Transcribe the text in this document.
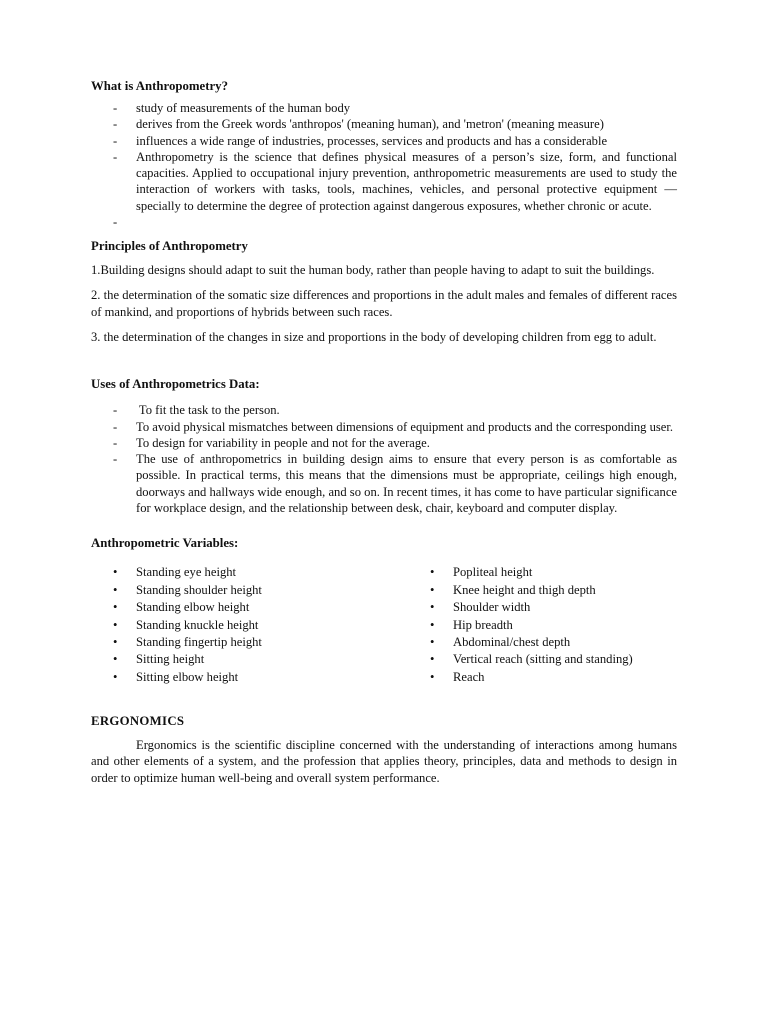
What is Anthropometry?
- study of measurements of the human body
- derives from the Greek words 'anthropos' (meaning human), and 'metron' (meaning measure)
- influences a wide range of industries, processes, services and products and has a considerable
- Anthropometry is the science that defines physical measures of a person’s size, form, and functional capacities. Applied to occupational injury prevention, anthropometric measurements are used to study the interaction of workers with tasks, tools, machines, vehicles, and personal protective equipment — specially to determine the degree of protection against dangerous exposures, whether chronic or acute.
-
Principles of Anthropometry

1.Building designs should adapt to suit the human body, rather than people having to adapt to suit the buildings.

2. the determination of the somatic size differences and proportions in the adult males and females of different races of mankind, and proportions of hybrids between such races.

3. the determination of the changes in size and proportions in the body of developing children from egg to adult.

Uses of Anthropometrics Data:
-  To fit the task to the person.
- To avoid physical mismatches between dimensions of equipment and products and the corresponding user.
- To design for variability in people and not for the average.
- The use of anthropometrics in building design aims to ensure that every person is as comfortable as possible. In practical terms, this means that the dimensions must be appropriate, ceilings high enough, doorways and hallways wide enough, and so on. In recent times, it has come to have particular significance for workplace design, and the relationship between desk, chair, keyboard and computer display.
Anthropometric Variables:
• Standing eye height
• Standing shoulder height
• Standing elbow height
• Standing knuckle height
• Standing fingertip height
• Sitting height
• Sitting elbow height
• Popliteal height
• Knee height and thigh depth
• Shoulder width
• Hip breadth
• Abdominal/chest depth
• Vertical reach (sitting and standing)
• Reach
ERGONOMICS

Ergonomics is the scientific discipline concerned with the understanding of interactions among humans and other elements of a system, and the profession that applies theory, principles, data and methods to design in order to optimize human well-being and overall system performance.
